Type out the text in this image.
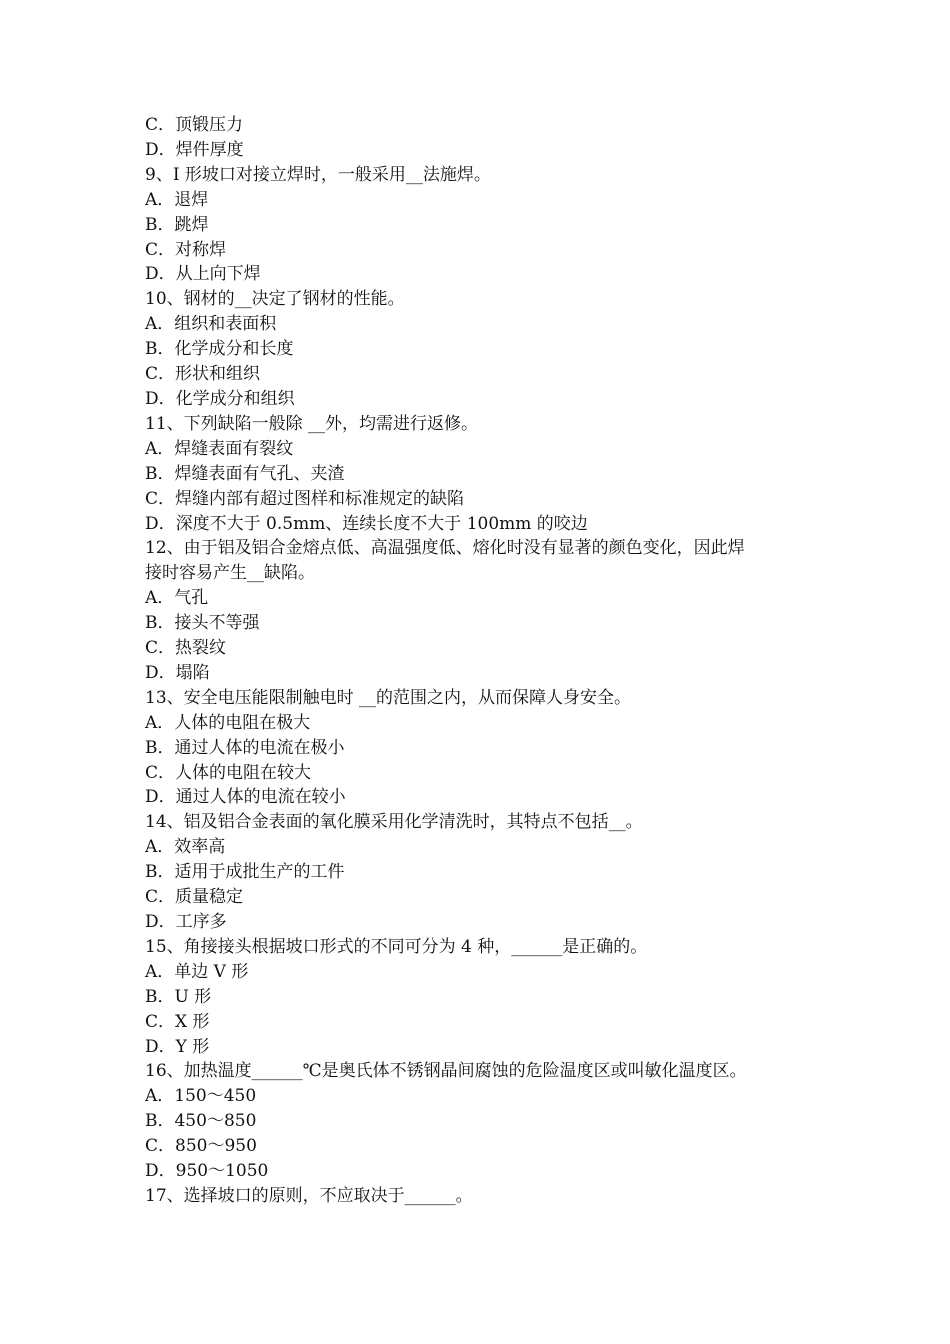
C．顶锻压力
D．焊件厚度
9、I 形坡口对接立焊时，一般采用__法施焊。
A．退焊
B．跳焊
C．对称焊
D．从上向下焊
10、钢材的__决定了钢材的性能。
A．组织和表面积
B．化学成分和长度
C．形状和组织
D．化学成分和组织
11、下列缺陷一般除 __外，均需进行返修。
A．焊缝表面有裂纹
B．焊缝表面有气孔、夹渣
C．焊缝内部有超过图样和标准规定的缺陷
D．深度不大于 0.5mm、连续长度不大于 100mm 的咬边
12、由于铝及铝合金熔点低、高温强度低、熔化时没有显著的颜色变化，因此焊
接时容易产生__缺陷。
A．气孔
B．接头不等强
C．热裂纹
D．塌陷
13、安全电压能限制触电时 __的范围之内，从而保障人身安全。
A．人体的电阻在极大
B．通过人体的电流在极小
C．人体的电阻在较大
D．通过人体的电流在较小
14、铝及铝合金表面的氧化膜采用化学清洗时，其特点不包括__。
A．效率高
B．适用于成批生产的工件
C．质量稳定
D．工序多
15、角接接头根据坡口形式的不同可分为 4 种，______是正确的。
A．单边 V 形
B．U 形
C．X 形
D．Y 形
16、加热温度______℃是奥氏体不锈钢晶间腐蚀的危险温度区或叫敏化温度区。
A．150～450
B．450～850
C．850～950
D．950～1050
17、选择坡口的原则，不应取决于______。
